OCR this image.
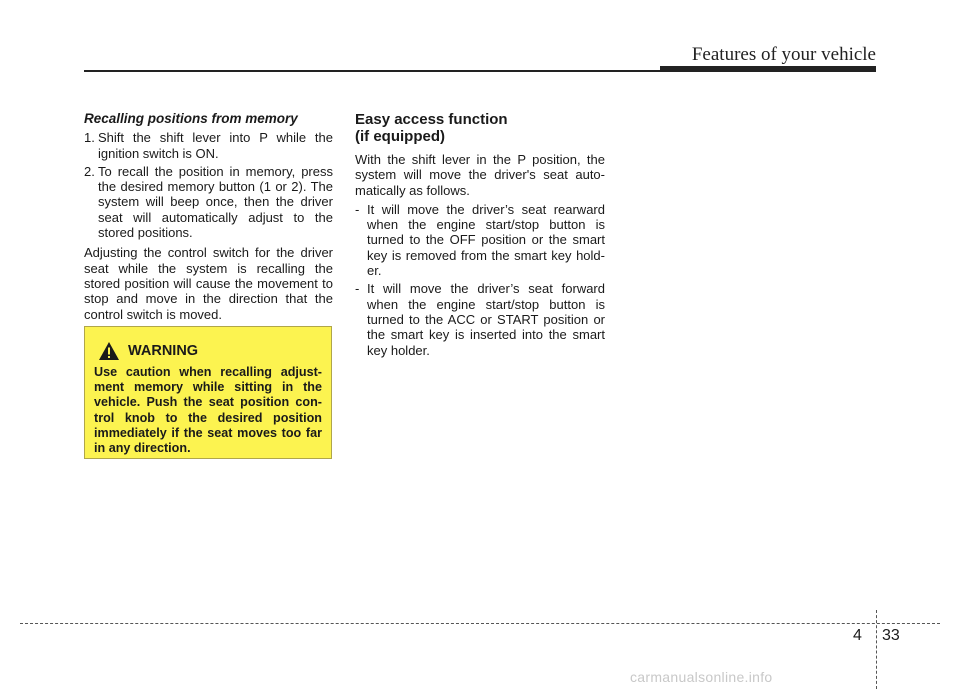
Features of your vehicle
Recalling positions from memory
1. Shift the shift lever into P while the ignition switch is ON.
2. To recall the position in memory, press the desired memory button (1 or 2). The system will beep once, then the driver seat will automatically adjust to the stored positions.

Adjusting the control switch for the driver seat while the system is recalling the stored position will cause the movement to stop and move in the direction that the control switch is moved.

WARNING

Use caution when recalling adjust-ment memory while sitting in the vehicle. Push the seat position con-trol knob to the desired position immediately if the seat moves too far in any direction.

Easy access function
(if equipped)

With the shift lever in the P position, the system will move the driver's seat auto-matically as follows.

- It will move the driver’s seat rearward when the engine start/stop button is turned to the OFF position or the smart key is removed from the smart key hold-er.
- It will move the driver’s seat forward when the engine start/stop button is turned to the ACC or START position or the smart key is inserted into the smart key holder.
4 33
carmanualsonline.info
